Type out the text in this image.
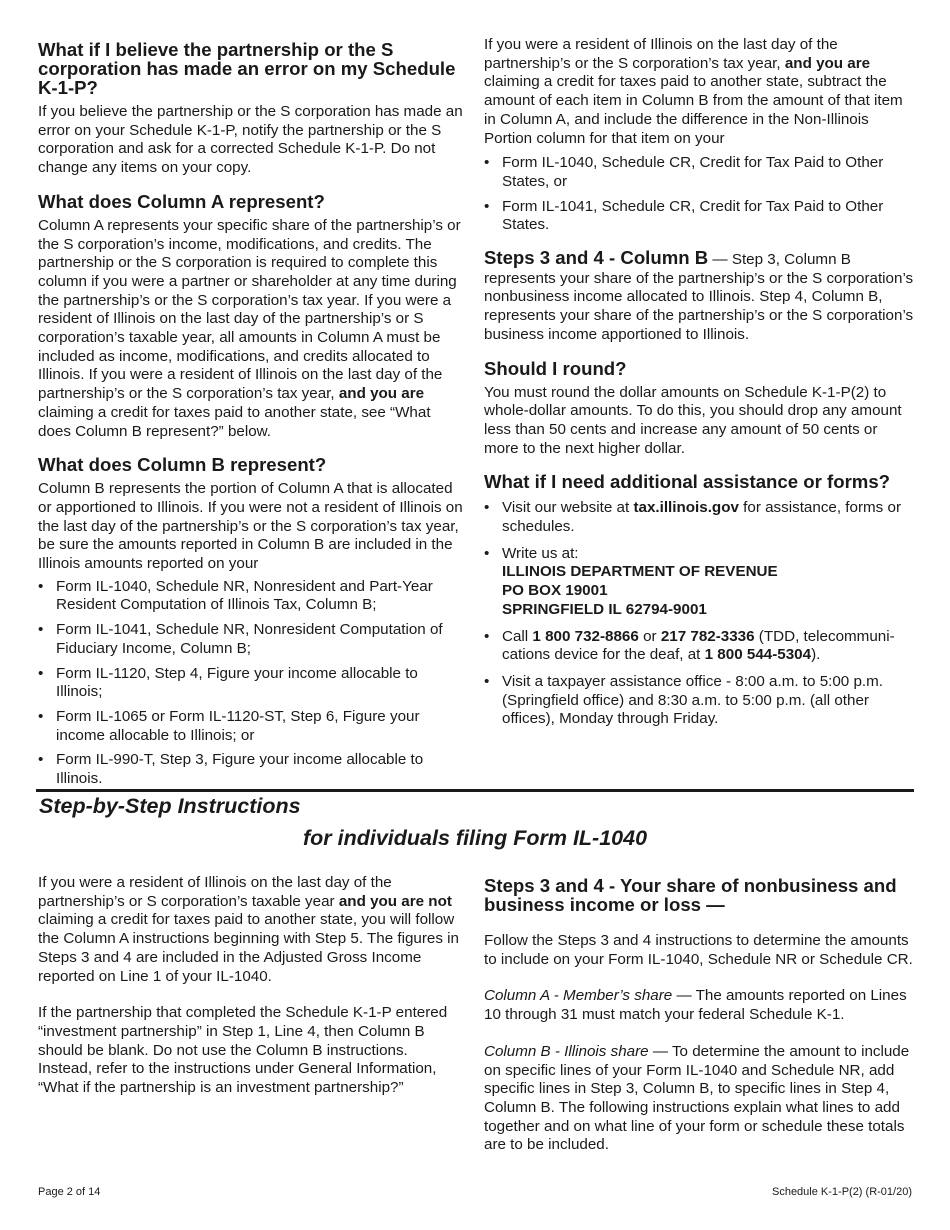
What if I believe the partnership or the S corporation has made an error on my Schedule K-1-P?

If you believe the partnership or the S corporation has made an error on your Schedule K-1-P, notify the partnership or the S corporation and ask for a corrected Schedule K-1-P. Do not change any items on your copy.

What does Column A represent?

Column A represents your specific share of the partnership’s or the S corporation’s income, modifications, and credits. The partnership or the S corporation is required to complete this column if you were a partner or shareholder at any time during the partnership’s or the S corporation’s tax year. If you were a resident of Illinois on the last day of the partnership’s or S corporation’s taxable year, all amounts in Column A must be included as income, modifications, and credits allocated to Illinois. If you were a resident of Illinois on the last day of the partnership’s or the S corporation’s tax year, and you are claiming a credit for taxes paid to another state, see “What does Column B represent?” below.

What does Column B represent?

Column B represents the portion of Column A that is allocated or apportioned to Illinois. If you were not a resident of Illinois on the last day of the partnership’s or the S corporation’s tax year, be sure the amounts reported in Column B are included in the Illinois amounts reported on your

• Form IL-1040, Schedule NR, Nonresident and Part-Year Resident Computation of Illinois Tax, Column B;
• Form IL-1041, Schedule NR, Nonresident Computation of Fiduciary Income, Column B;
• Form IL-1120, Step 4, Figure your income allocable to Illinois;
• Form IL-1065 or Form IL-1120-ST, Step 6, Figure your income allocable to Illinois; or
• Form IL-990-T, Step 3, Figure your income allocable to Illinois.

If you were a resident of Illinois on the last day of the partnership’s or the S corporation’s tax year, and you are claiming a credit for taxes paid to another state, subtract the amount of each item in Column B from the amount of that item in Column A, and include the difference in the Non-Illinois Portion column for that item on your

• Form IL-1040, Schedule CR, Credit for Tax Paid to Other States, or
• Form IL-1041, Schedule CR, Credit for Tax Paid to Other States.

Steps 3 and 4 - Column B — Step 3, Column B represents your share of the partnership’s or the S corporation’s nonbusiness income allocated to Illinois. Step 4, Column B, represents your share of the partnership’s or the S corporation’s business income apportioned to Illinois.

Should I round?

You must round the dollar amounts on Schedule K-1-P(2) to whole-dollar amounts. To do this, you should drop any amount less than 50 cents and increase any amount of 50 cents or more to the next higher dollar.

What if I need additional assistance or forms?
• Visit our website at tax.illinois.gov for assistance, forms or schedules.
• Write us at:
ILLINOIS DEPARTMENT OF REVENUE
PO BOX 19001
SPRINGFIELD IL 62794-9001
• Call 1 800 732-8866 or 217 782-3336 (TDD, telecommuni-cations device for the deaf, at 1 800 544-5304).
• Visit a taxpayer assistance office - 8:00 a.m. to 5:00 p.m. (Springfield office) and 8:30 a.m. to 5:00 p.m. (all other offices), Monday through Friday.
Step-by-Step Instructions
for individuals filing Form IL-1040

If you were a resident of Illinois on the last day of the partnership’s or S corporation’s taxable year and you are not claiming a credit for taxes paid to another state, you will follow the Column A instructions beginning with Step 5. The figures in Steps 3 and 4 are included in the Adjusted Gross Income reported on Line 1 of your IL-1040.

If the partnership that completed the Schedule K-1-P entered “investment partnership” in Step 1, Line 4, then Column B should be blank. Do not use the Column B instructions. Instead, refer to the instructions under General Information, “What if the partnership is an investment partnership?”

Steps 3 and 4 - Your share of nonbusiness and business income or loss —

Follow the Steps 3 and 4 instructions to determine the amounts to include on your Form IL-1040, Schedule NR or Schedule CR.

Column A - Member’s share — The amounts reported on Lines 10 through 31 must match your federal Schedule K-1.

Column B - Illinois share — To determine the amount to include on specific lines of your Form IL-1040 and Schedule NR, add specific lines in Step 3, Column B, to specific lines in Step 4, Column B. The following instructions explain what lines to add together and on what line of your form or schedule these totals are to be included.

Page 2 of 14	Schedule K-1-P(2) (R-01/20)
